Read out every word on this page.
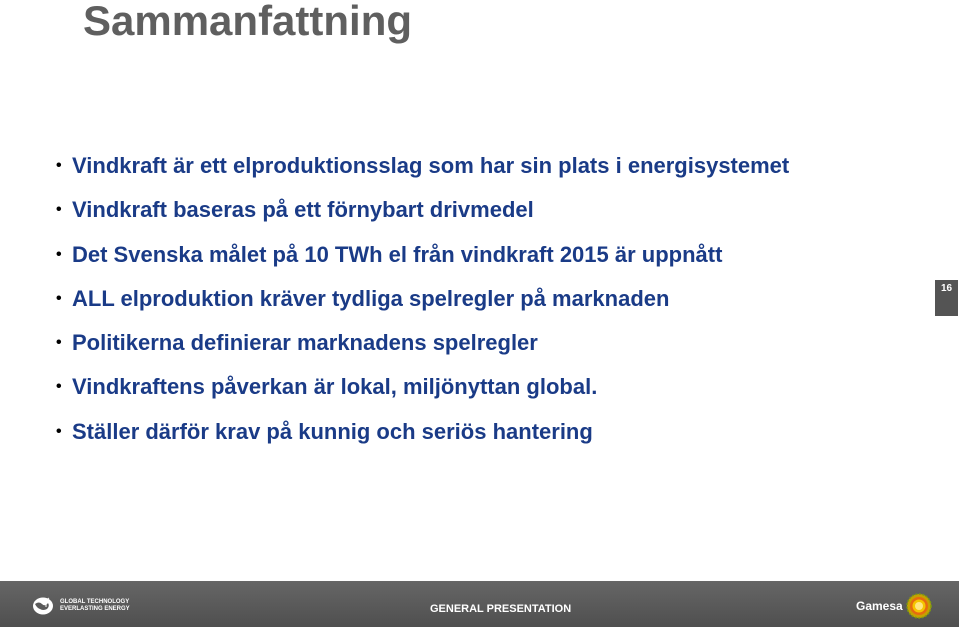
Sammanfattning
• Vindkraft är ett elproduktionsslag som har sin plats i energisystemet
• Vindkraft baseras på ett förnybart drivmedel
• Det Svenska målet på 10 TWh el från vindkraft 2015 är uppnått
• ALL elproduktion kräver tydliga spelregler på marknaden
• Politikerna definierar marknadens spelregler
• Vindkraftens påverkan är lokal, miljönyttan global.
• Ställer därför krav på kunnig och seriös hantering
16
GLOBAL TECHNOLOGY
EVERLASTING ENERGY	GENERAL PRESENTATION	Gamesa
